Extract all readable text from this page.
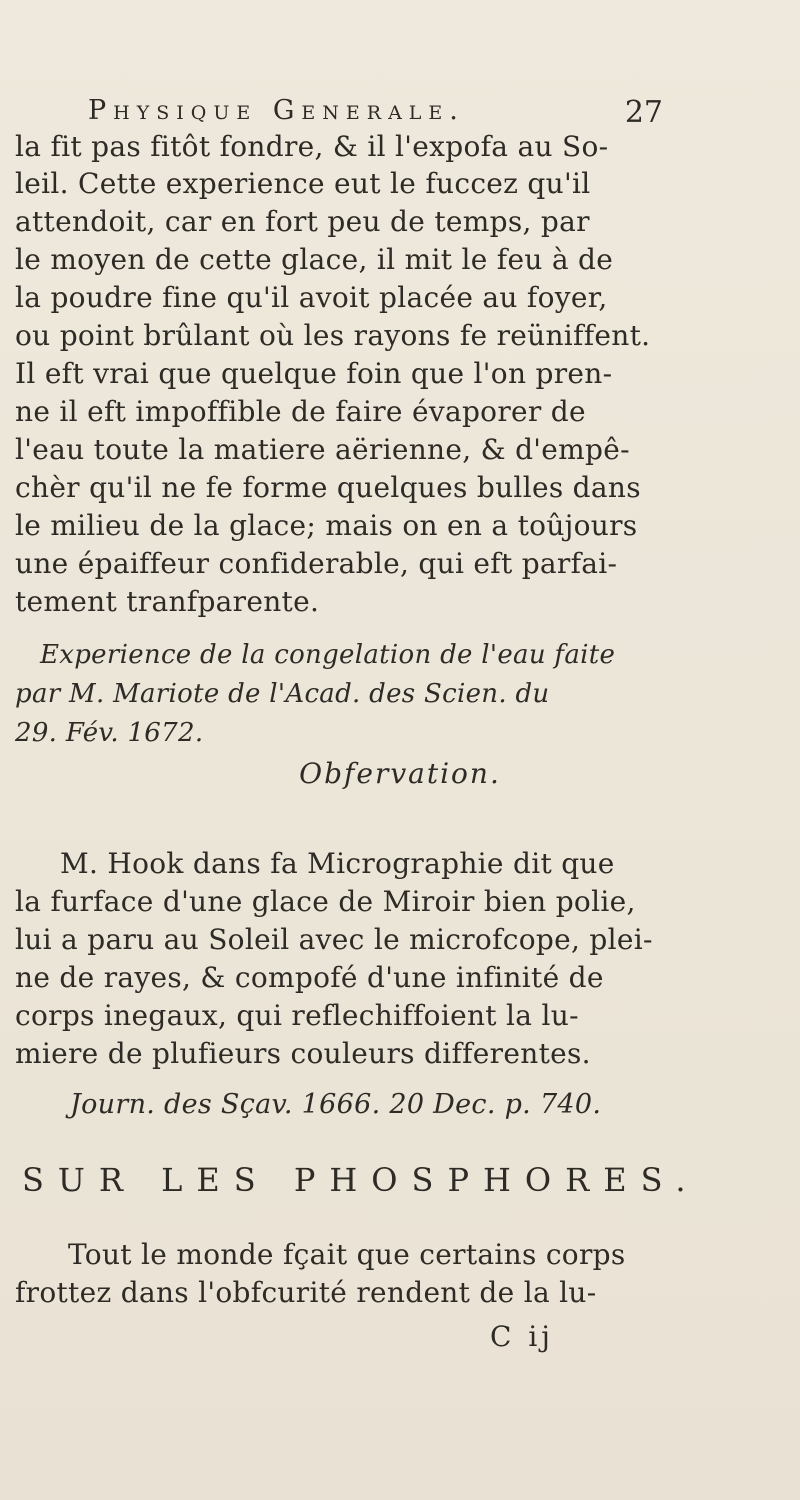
Physique Generale.	27
la fit pas fitôt fondre, & il l'expofa au So-
leil. Cette experience eut le fuccez qu'il
attendoit, car en fort peu de temps, par
le moyen de cette glace, il mit le feu à de
la poudre fine qu'il avoit placée au foyer,
ou point brûlant où les rayons fe reüniffent.
Il eft vrai que quelque foin que l'on pren-
ne il eft impoffible de faire évaporer de
l'eau toute la matiere aërienne, & d'empê-
chèr qu'il ne fe forme quelques bulles dans
le milieu de la glace; mais on en a toûjours
une épaiffeur confiderable, qui eft parfai-
tement tranfparente.
Experience de la congelation de l'eau faite
par M. Mariote de l'Acad. des Scien. du
29. Fév. 1672.
Obfervation.
M. Hook dans fa Micrographie dit que
la furface d'une glace de Miroir bien polie,
lui a paru au Soleil avec le microfcope, plei-
ne de rayes, & compofé d'une infinité de
corps inegaux, qui reflechiffoient la lu-
miere de plufieurs couleurs differentes.
Journ. des Sçav. 1666. 20 Dec. p. 740.
SUR LES PHOSPHORES.
Tout le monde fçait que certains corps
frottez dans l'obfcurité rendent de la lu-
C ij
